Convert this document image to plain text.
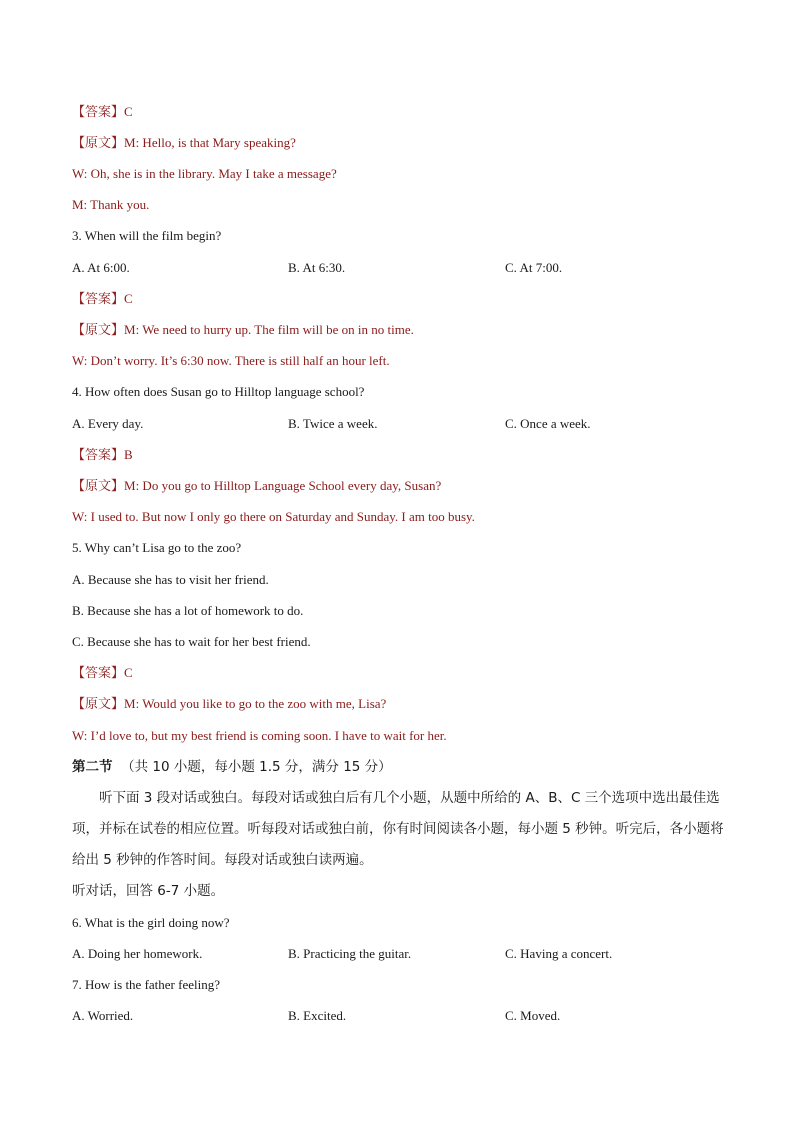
【答案】C
【原文】M: Hello, is that Mary speaking?
W: Oh, she is in the library. May I take a message?
M: Thank you.
3. When will the film begin?
A. At 6:00.	B. At 6:30.	C. At 7:00.
【答案】C
【原文】M: We need to hurry up. The film will be on in no time.
W: Don’t worry. It’s 6:30 now. There is still half an hour left.
4. How often does Susan go to Hilltop language school?
A. Every day.	B. Twice a week.	C. Once a week.
【答案】B
【原文】M: Do you go to Hilltop Language School every day, Susan?
W: I used to. But now I only go there on Saturday and Sunday. I am too busy.
5. Why can’t Lisa go to the zoo?
A. Because she has to visit her friend.
B. Because she has a lot of homework to do.
C. Because she has to wait for her best friend.
【答案】C
【原文】M: Would you like to go to the zoo with me, Lisa?
W: I’d love to, but my best friend is coming soon. I have to wait for her.
第二节 （共 10 小题，每小题 1.5 分，满分 15 分）
听下面 3 段对话或独白。每段对话或独白后有几个小题，从题中所给的 A、B、C 三个选项中选出最佳选项，并标在试卷的相应位置。听每段对话或独白前，你有时间阅读各小题，每小题 5 秒钟。听完后，各小题将给出 5 秒钟的作答时间。每段对话或独白读两遍。
听对话，回答 6-7 小题。
6. What is the girl doing now?
A. Doing her homework.	B. Practicing the guitar.	C. Having a concert.
7. How is the father feeling?
A. Worried.	B. Excited.	C. Moved.
